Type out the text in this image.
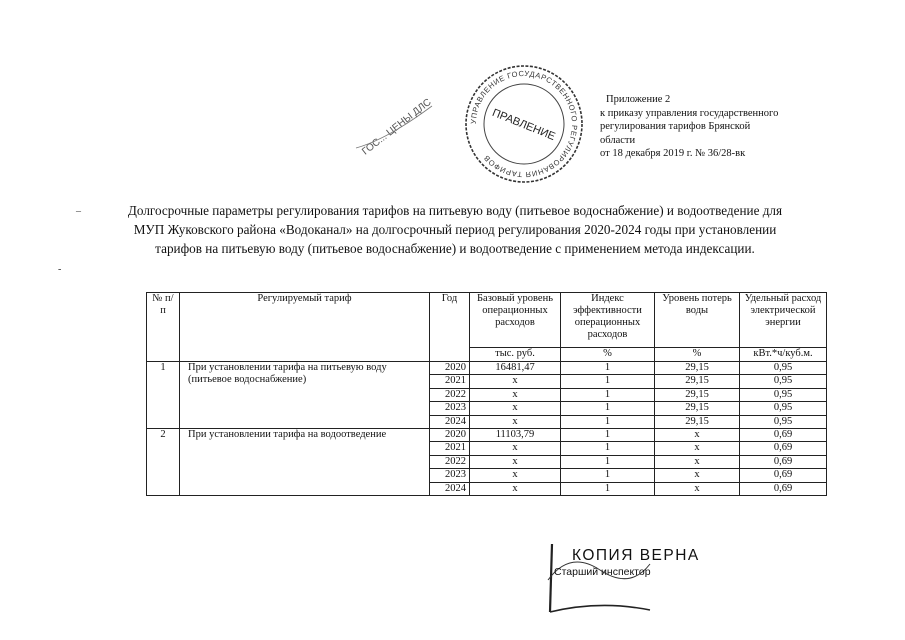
УПРАВЛЕНИЕ ГОСУДАРСТВЕННОГО РЕГУЛИРОВАНИЯ ТАРИФОВ
ПРАВЛЕНИЕ
ГОС... ЦЕНЫ ДЛС	Приложение 2
к приказу управления государственного
регулирования тарифов Брянской
области
от 18 декабря 2019 г. № 36/28-вк
–
-
Долгосрочные параметры регулирования тарифов на питьевую воду (питьевое водоснабжение) и водоотведение для
МУП Жуковского района «Водоканал» на долгосрочный период регулирования 2020-2024 годы при установлении
тарифов на питьевую воду (питьевое водоснабжение) и водоотведение с применением метода индексации.
№ п/п	Регулируемый тариф	Год	Базовый уровень операционных расходов	Индекс эффективности операционных расходов	Уровень потерь воды	Удельный расход электрической энергии
			тыс. руб.	%	%	кВт.*ч/куб.м.
1	При установлении тарифа на питьевую воду (питьевое водоснабжение)	2020	16481,47	1	29,15	0,95
		2021	x	1	29,15	0,95
		2022	x	1	29,15	0,95
		2023	x	1	29,15	0,95
		2024	x	1	29,15	0,95
2	При установлении тарифа на водоотведение	2020	11103,79	1	x	0,69
		2021	x	1	x	0,69
		2022	x	1	x	0,69
		2023	x	1	x	0,69
		2024	x	1	x	0,69
КОПИЯ ВЕРНА
Старший инспектор
